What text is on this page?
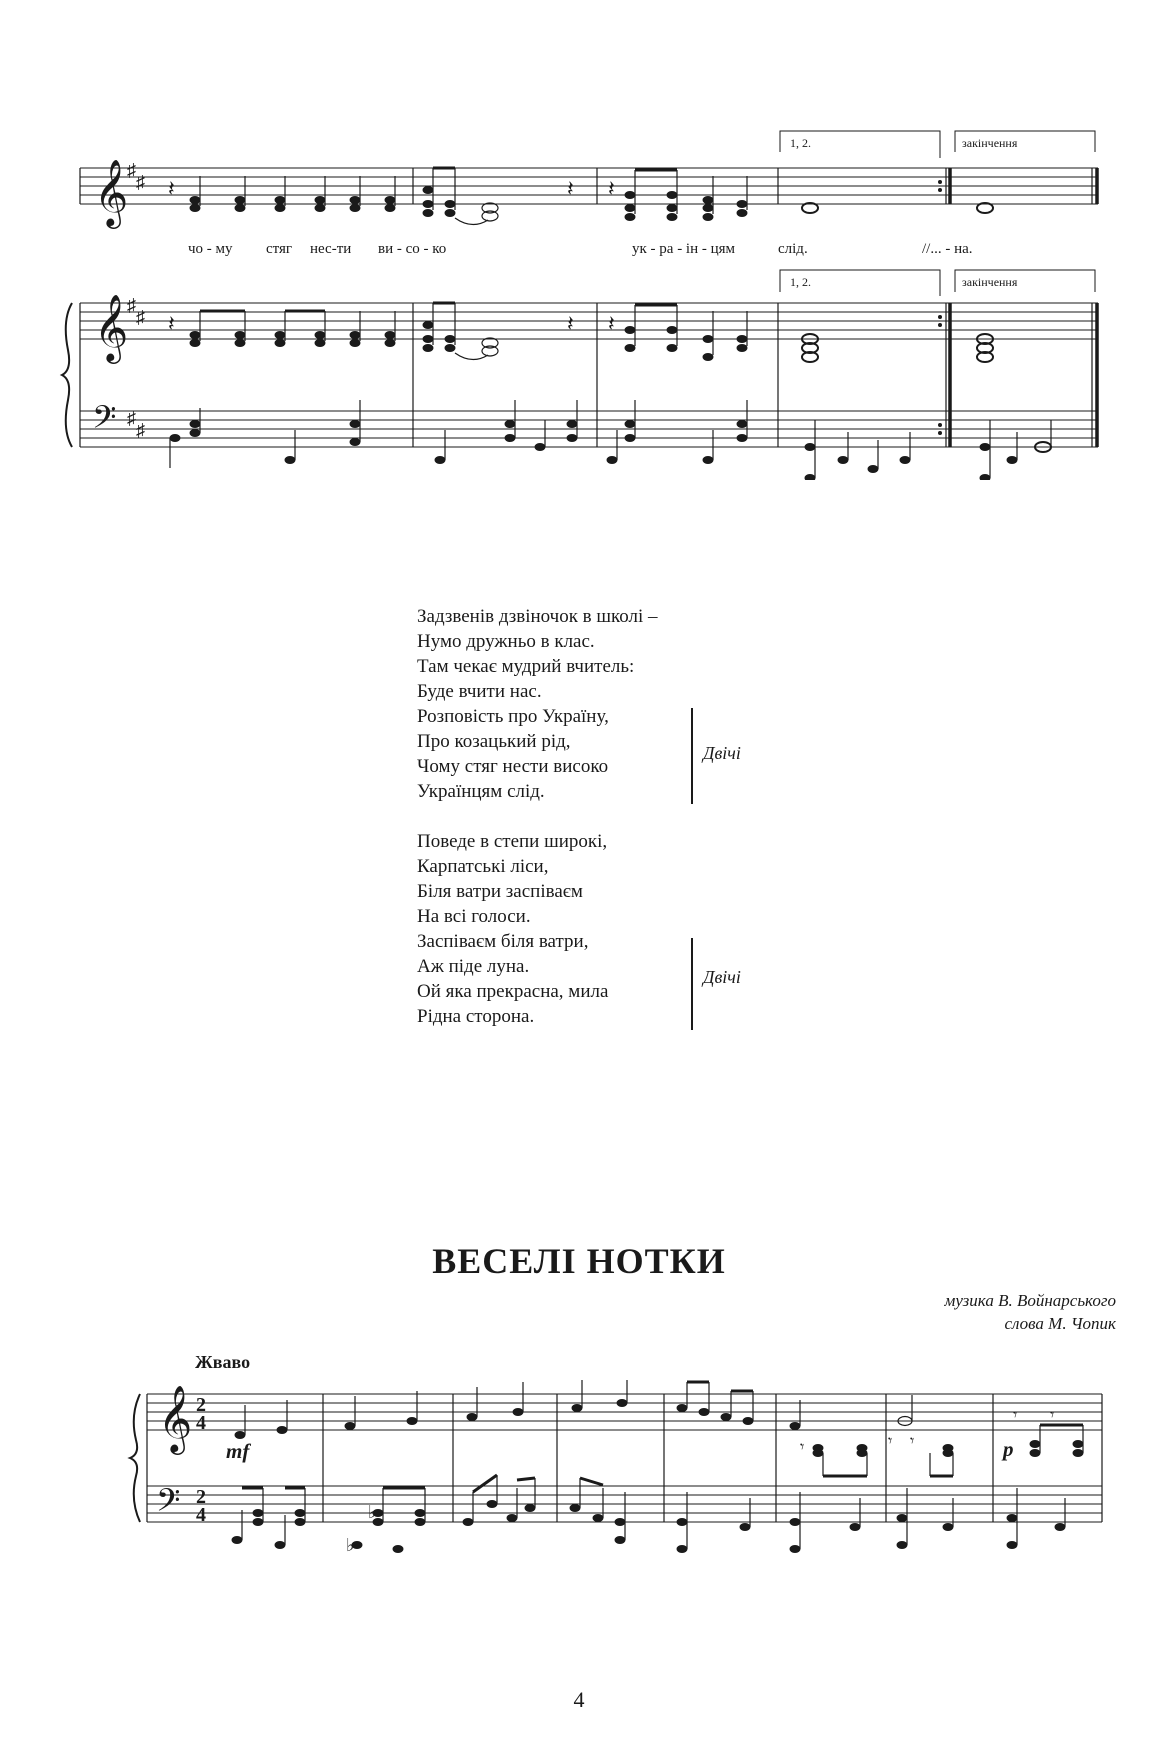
𝄞
𝄞
𝄢
♯
♯
♯
♯
♯
♯
𝄽	𝄽 𝄽
𝄽	𝄽 𝄽
1, 2.	закінчення
1, 2.	закінчення
чо - му стяг нес-ти ви - со - ко	ук - ра - ін - цям	слід.	//... - на.
Задзвенів дзвіночок в школі –
Нумо дружньо в клас.
Там чекає мудрий вчитель:
Буде вчити нас.
Розповість про Україну,
Про козацький рід,
Чому стяг нести високо
Українцям слід.
Поведе в степи широкі,
Карпатські ліси,
Біля ватри заспіваєм
На всі голоси.
Заспіваєм біля ватри,
Аж піде луна.
Ой яка прекрасна, мила
Рідна сторона.
Двічі
Двічі
ВЕСЕЛІ НОТКИ
музика В. Войнарського
слова М. Чопик
Жваво
𝄞
𝄢
2
4
2
4
𝄾
𝄾
𝄾 𝄾
𝄾
♭
♭
mf	p
4
